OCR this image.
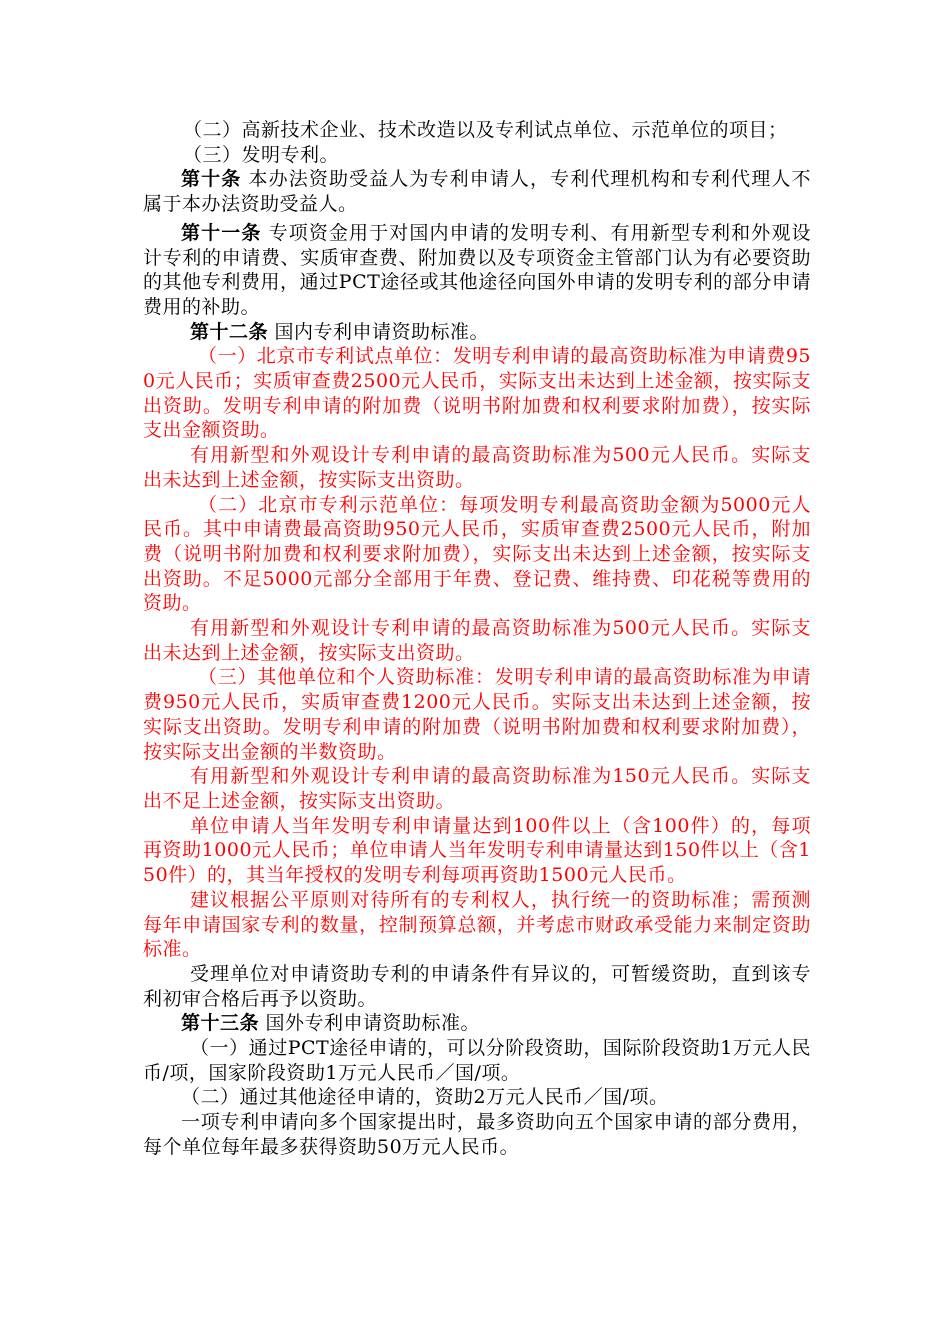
（二）高新技术企业、技术改造以及专利试点单位、示范单位的项目；

（三）发明专利。

第十条 本办法资助受益人为专利申请人，专利代理机构和专利代理人不属于本办法资助受益人。

第十一条 专项资金用于对国内申请的发明专利、有用新型专利和外观设计专利的申请费、实质审查费、附加费以及专项资金主管部门认为有必要资助的其他专利费用，通过PCT途径或其他途径向国外申请的发明专利的部分申请费用的补助。

第十二条 国内专利申请资助标准。

（一）北京市专利试点单位：发明专利申请的最高资助标准为申请费950元人民币；实质审查费2500元人民币，实际支出未达到上述金额，按实际支出资助。发明专利申请的附加费（说明书附加费和权利要求附加费），按实际支出金额资助。

有用新型和外观设计专利申请的最高资助标准为500元人民币。实际支出未达到上述金额，按实际支出资助。

（二）北京市专利示范单位：每项发明专利最高资助金额为5000元人民币。其中申请费最高资助950元人民币，实质审查费2500元人民币，附加费（说明书附加费和权利要求附加费），实际支出未达到上述金额，按实际支出资助。不足5000元部分全部用于年费、登记费、维持费、印花税等费用的资助。

有用新型和外观设计专利申请的最高资助标准为500元人民币。实际支出未达到上述金额，按实际支出资助。

（三）其他单位和个人资助标准：发明专利申请的最高资助标准为申请费950元人民币，实质审查费1200元人民币。实际支出未达到上述金额，按实际支出资助。发明专利申请的附加费（说明书附加费和权利要求附加费），按实际支出金额的半数资助。

有用新型和外观设计专利申请的最高资助标准为150元人民币。实际支出不足上述金额，按实际支出资助。

单位申请人当年发明专利申请量达到100件以上（含100件）的，每项再资助1000元人民币；单位申请人当年发明专利申请量达到150件以上（含150件）的，其当年授权的发明专利每项再资助1500元人民币。

建议根据公平原则对待所有的专利权人，执行统一的资助标准；需预测每年申请国家专利的数量，控制预算总额，并考虑市财政承受能力来制定资助标准。

受理单位对申请资助专利的申请条件有异议的，可暂缓资助，直到该专利初审合格后再予以资助。

第十三条 国外专利申请资助标准。

（一）通过PCT途径申请的，可以分阶段资助，国际阶段资助1万元人民币/项，国家阶段资助1万元人民币／国/项。

（二）通过其他途径申请的，资助2万元人民币／国/项。

一项专利申请向多个国家提出时，最多资助向五个国家申请的部分费用，每个单位每年最多获得资助50万元人民币。
